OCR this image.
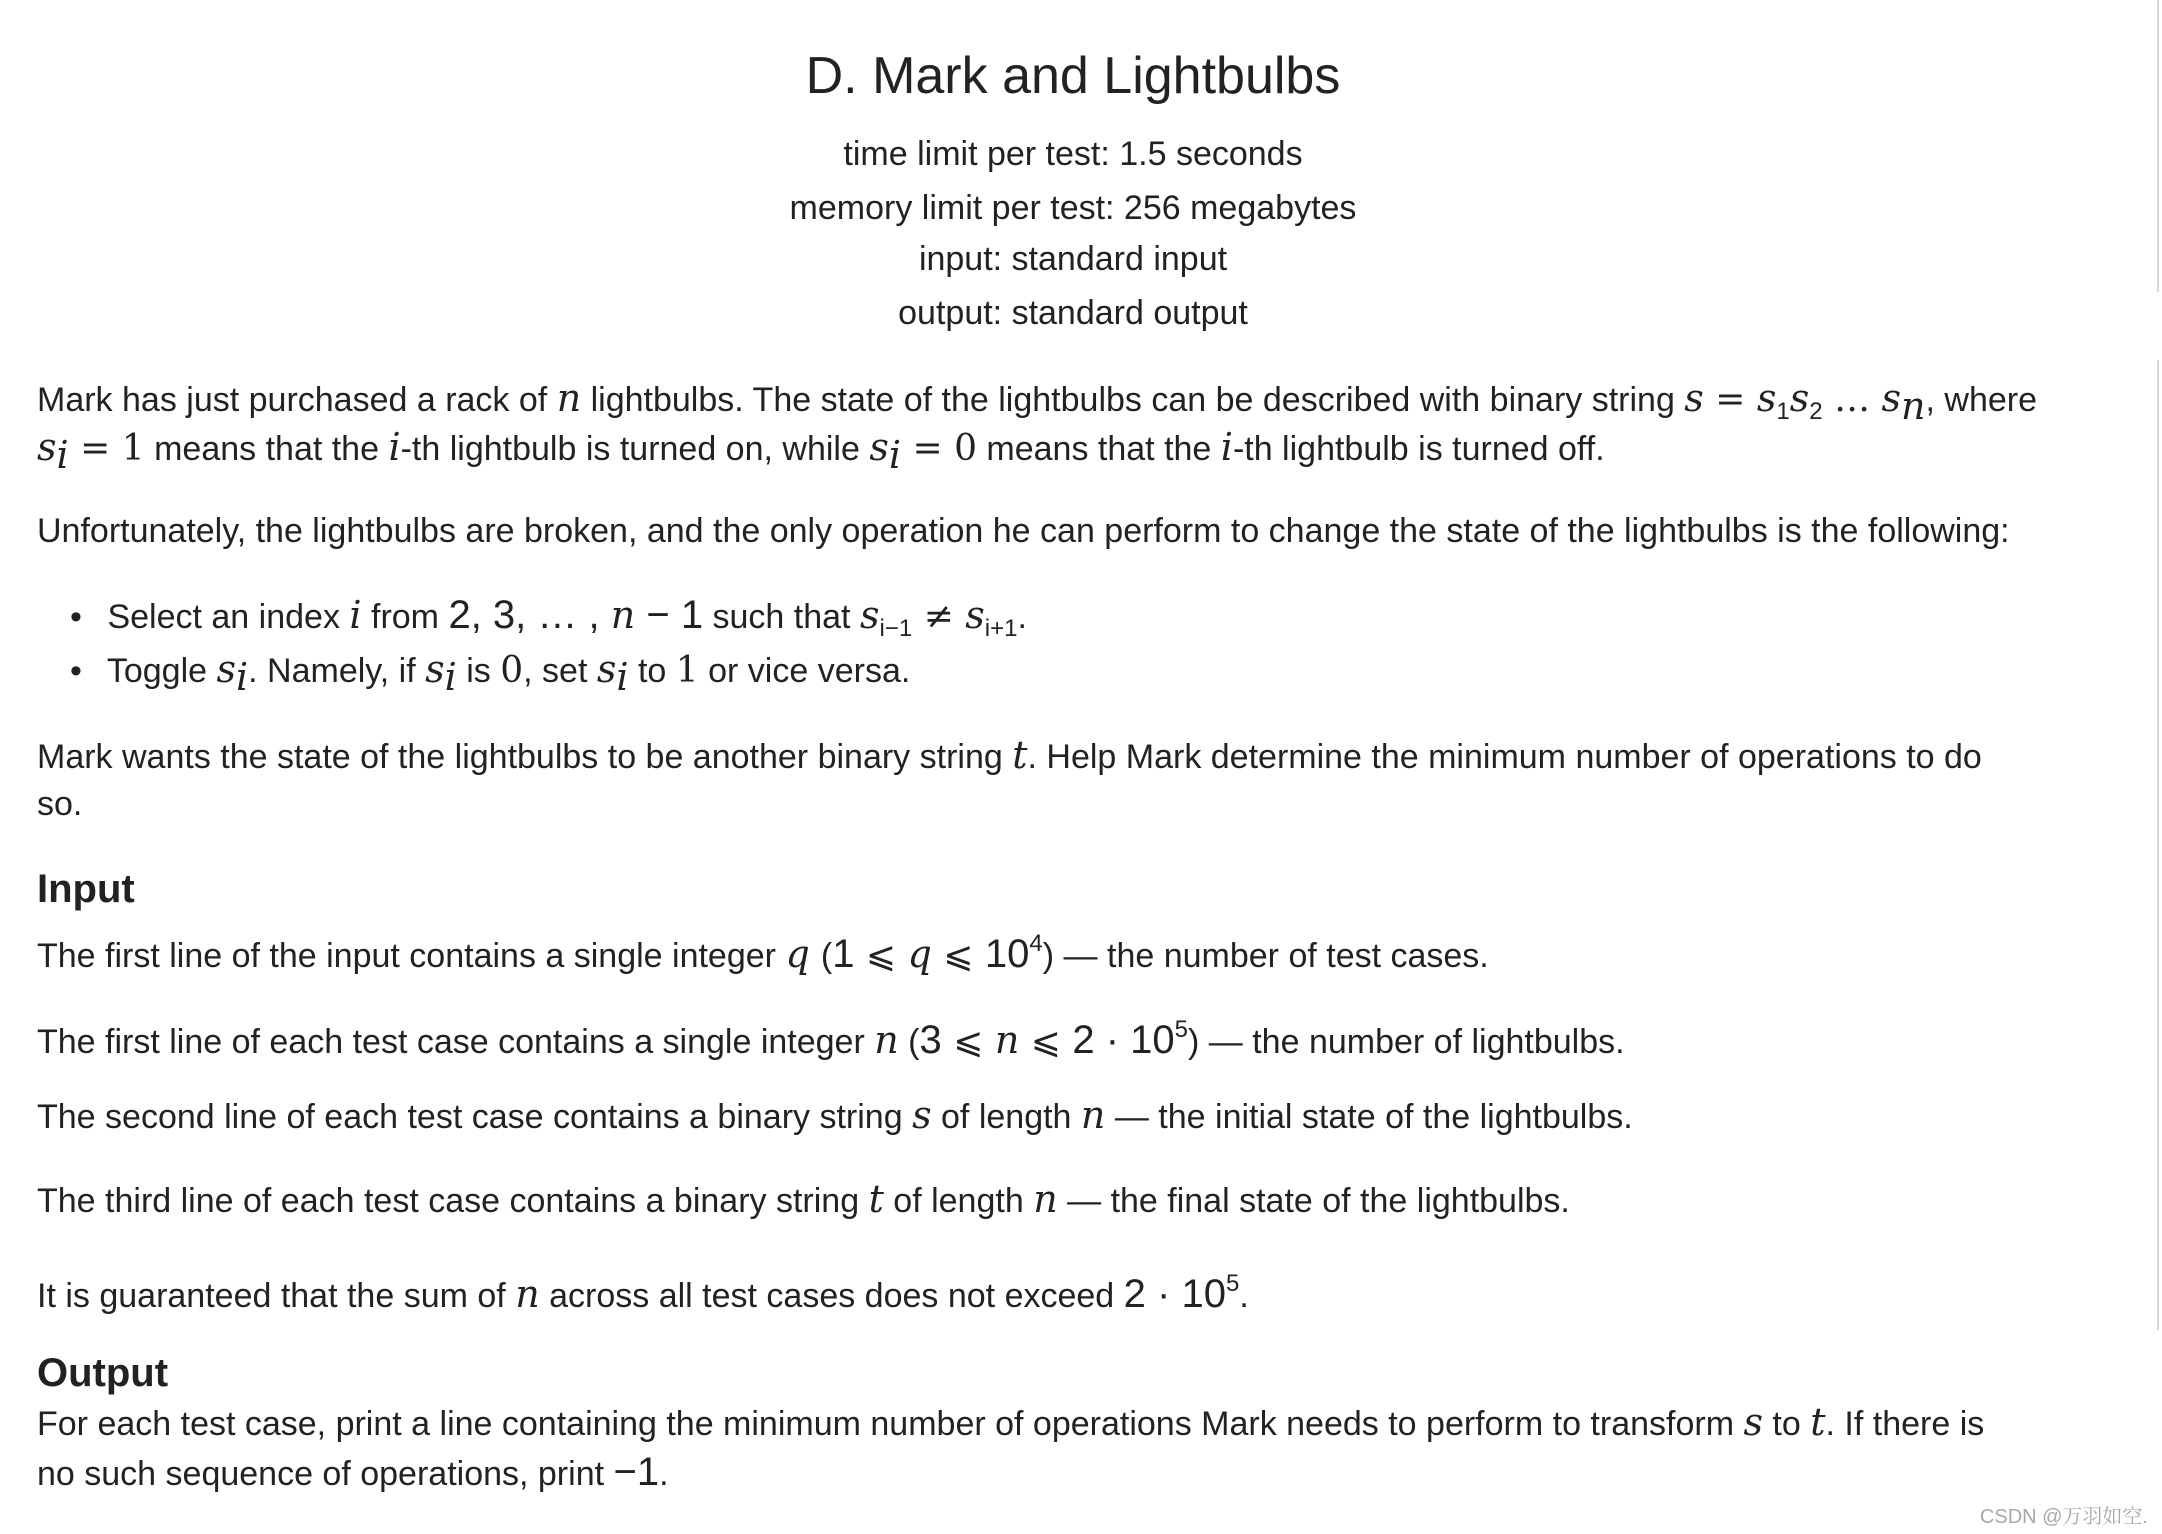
D. Mark and Lightbulbs
time limit per test: 1.5 seconds
memory limit per test: 256 megabytes
input: standard input
output: standard output
Mark has just purchased a rack of n lightbulbs. The state of the lightbulbs can be described with binary string $s = s_1s_2$ … $s_n$, where
$s_i = 1$ means that the i-th lightbulb is turned on, while $s_i = 0$ means that the i-th lightbulb is turned off.
Unfortunately, the lightbulbs are broken, and the only operation he can perform to change the state of the lightbulbs is the following:
• Select an index i from 2, 3, … , n − 1 such that $s_{i-1} \ne s_{i+1}$.
• Toggle $s_i$. Namely, if $s_i$ is 0, set $s_i$ to 1 or vice versa.
Mark wants the state of the lightbulbs to be another binary string t. Help Mark determine the minimum number of operations to do
so.
Input
The first line of the input contains a single integer q (1 ⩽ q ⩽ $10^4$) — the number of test cases.
The first line of each test case contains a single integer n (3 ⩽ n ⩽ $2 \cdot 10^5$) — the number of lightbulbs.
The second line of each test case contains a binary string s of length n — the initial state of the lightbulbs.
The third line of each test case contains a binary string t of length n — the final state of the lightbulbs.
It is guaranteed that the sum of n across all test cases does not exceed $2 \cdot 10^5$.
Output
For each test case, print a line containing the minimum number of operations Mark needs to perform to transform s to t. If there is
no such sequence of operations, print −1.
CSDN @万羽如空.
